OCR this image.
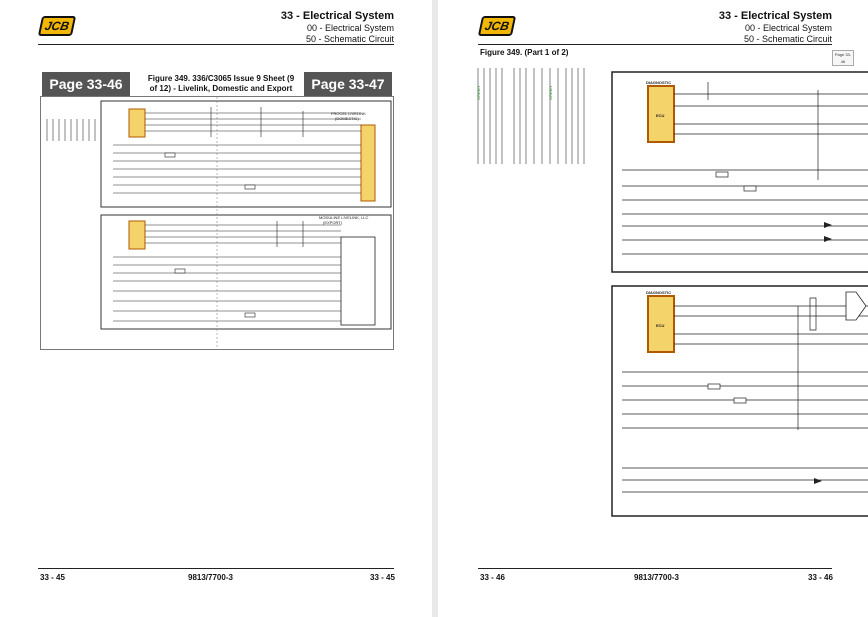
JCB
33 - Electrical System
00 - Electrical System
50 - Schematic Circuit
Page 33-46	Page 33-47
Figure 349. 336/C3065 Issue 9 Sheet (9
of 12) - Livelink, Domestic and Export
FROCEL LIVELINK
(DOMESTIC)
MODULINE LIVELINK, LLC
(EXPORT)
33 - 45	9813/7700-3	33 - 45
JCB
33 - Electrical System
00 - Electrical System
50 - Schematic Circuit
Figure 349. (Part 1 of 2)	Page 33-46
GREEN	GREEN
DIAGNOSTIC
ECU
DIAGNOSTIC
ECU
33 - 46	9813/7700-3	33 - 46
